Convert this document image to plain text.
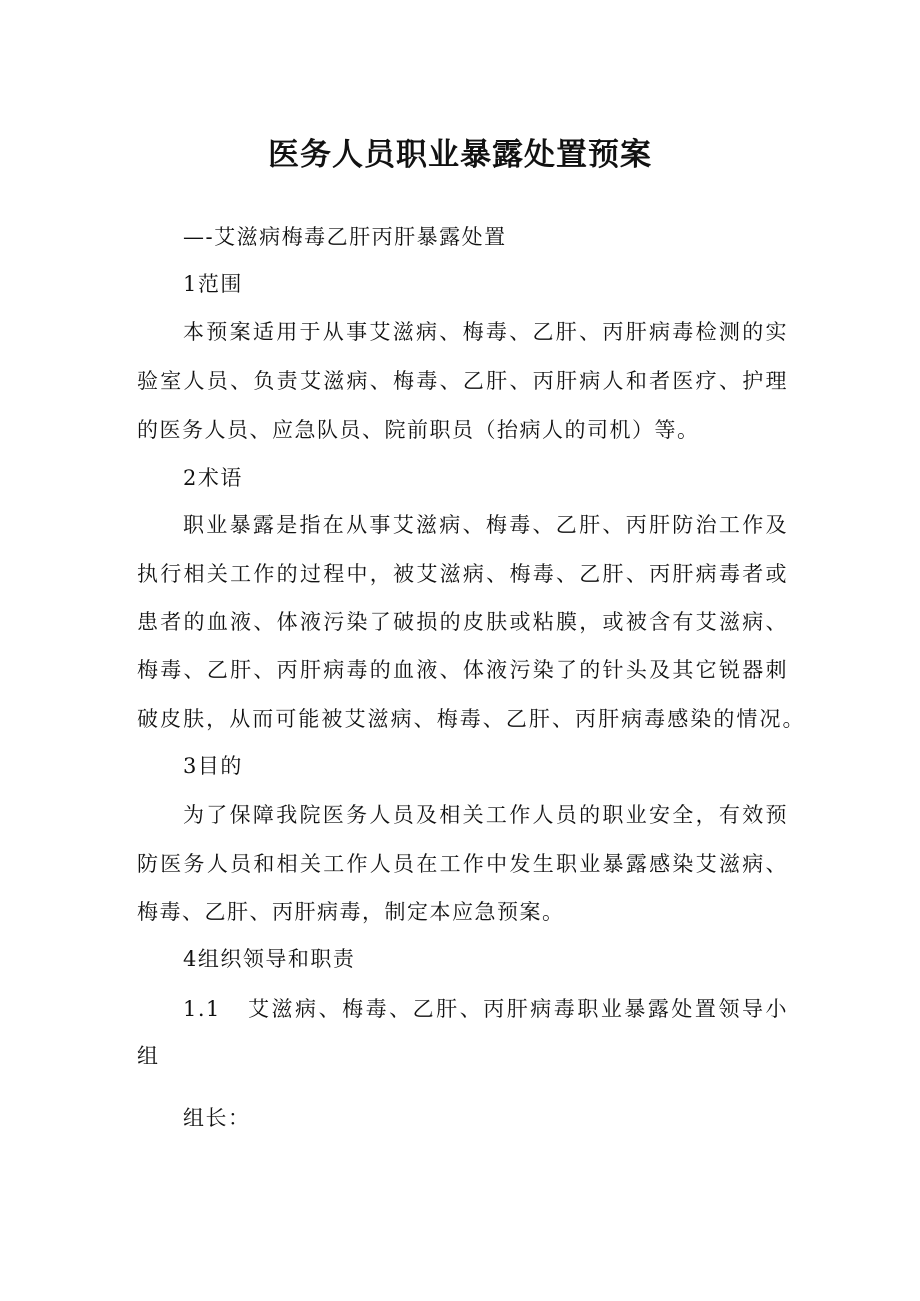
医务人员职业暴露处置预案
—-艾滋病梅毒乙肝丙肝暴露处置
1范围
本预案适用于从事艾滋病、梅毒、乙肝、丙肝病毒检测的实
验室人员、负责艾滋病、梅毒、乙肝、丙肝病人和者医疗、护理
的医务人员、应急队员、院前职员（抬病人的司机）等。
2术语
职业暴露是指在从事艾滋病、梅毒、乙肝、丙肝防治工作及
执行相关工作的过程中，被艾滋病、梅毒、乙肝、丙肝病毒者或
患者的血液、体液污染了破损的皮肤或粘膜，或被含有艾滋病、
梅毒、乙肝、丙肝病毒的血液、体液污染了的针头及其它锐器刺
破皮肤，从而可能被艾滋病、梅毒、乙肝、丙肝病毒感染的情况。
3目的
为了保障我院医务人员及相关工作人员的职业安全，有效预
防医务人员和相关工作人员在工作中发生职业暴露感染艾滋病、
梅毒、乙肝、丙肝病毒，制定本应急预案。
4组织领导和职责
1.1 艾滋病、梅毒、乙肝、丙肝病毒职业暴露处置领导小
组
组长：
